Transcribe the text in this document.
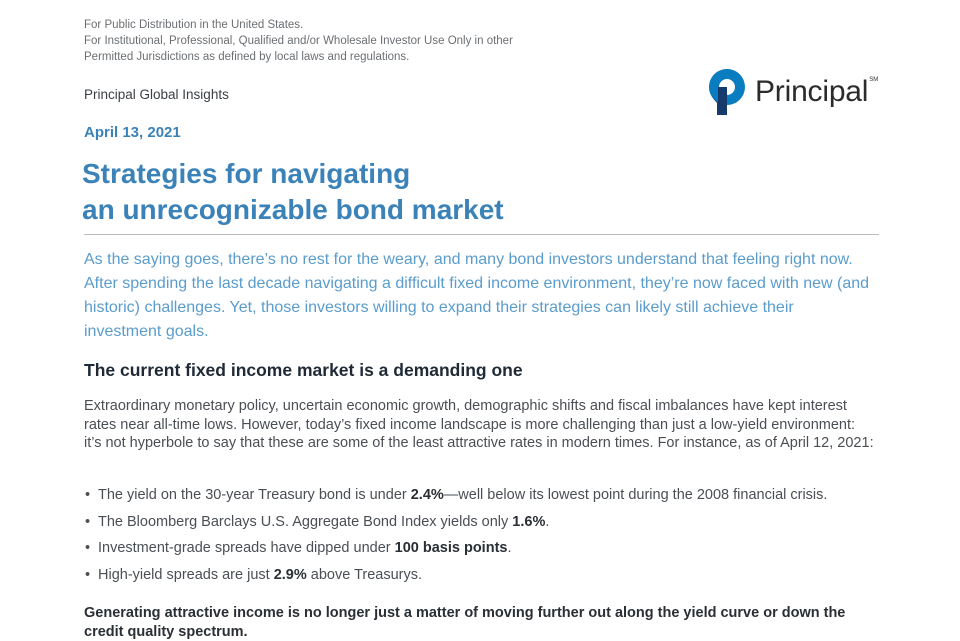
For Public Distribution in the United States.
For Institutional, Professional, Qualified and/or Wholesale Investor Use Only in other
Permitted Jurisdictions as defined by local laws and regulations.
Principal Global Insights	Principal SM
April 13, 2021
Strategies for navigating
an unrecognizable bond market

As the saying goes, there’s no rest for the weary, and many bond investors understand that feeling right now. After spending the last decade navigating a difficult fixed income environment, they’re now faced with new (and historic) challenges. Yet, those investors willing to expand their strategies can likely still achieve their investment goals.

The current fixed income market is a demanding one

Extraordinary monetary policy, uncertain economic growth, demographic shifts and fiscal imbalances have kept interest rates near all-time lows. However, today’s fixed income landscape is more challenging than just a low-yield environment: it’s not hyperbole to say that these are some of the least attractive rates in modern times. For instance, as of April 12, 2021:

• The yield on the 30-year Treasury bond is under 2.4%—well below its lowest point during the 2008 financial crisis.
• The Bloomberg Barclays U.S. Aggregate Bond Index yields only 1.6%.
• Investment-grade spreads have dipped under 100 basis points.
• High-yield spreads are just 2.9% above Treasurys.

Generating attractive income is no longer just a matter of moving further out along the yield curve or down the credit quality spectrum.
